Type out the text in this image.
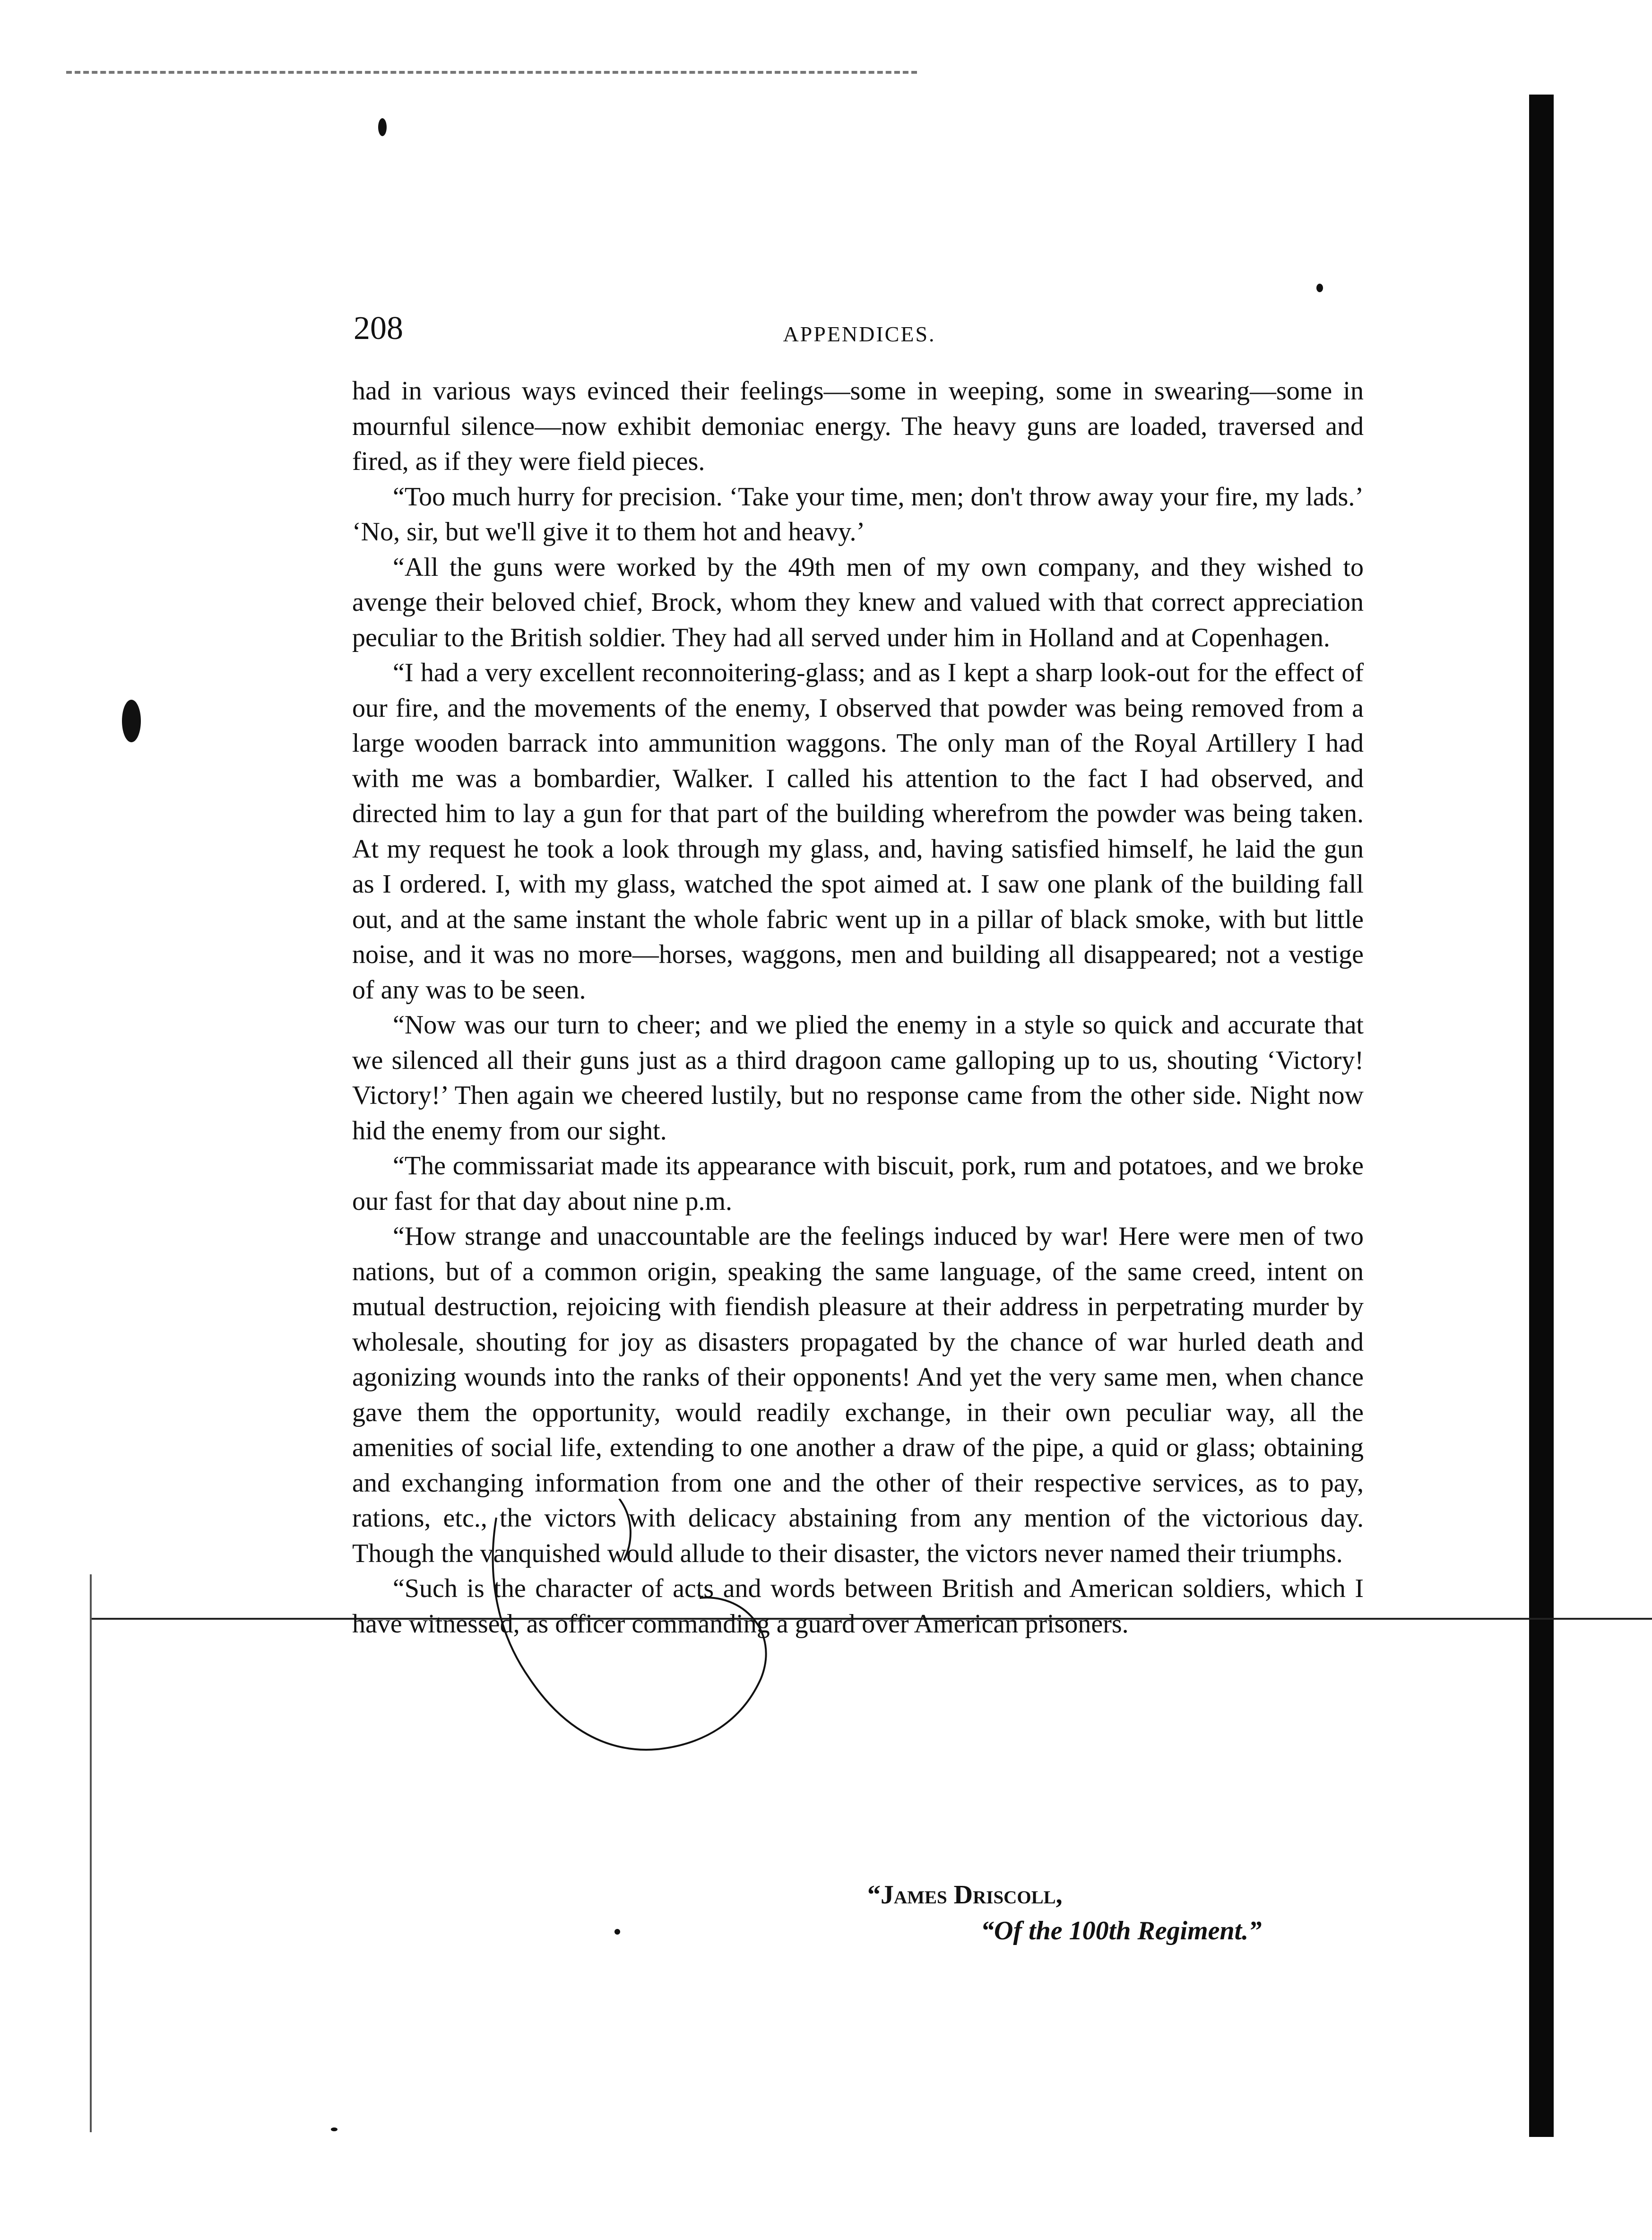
208	APPENDICES.

had in various ways evinced their feelings—some in weeping, some in swearing—some in mournful silence—now exhibit demoniac energy. The heavy guns are loaded, traversed and fired, as if they were field pieces.

“Too much hurry for precision. ‘Take your time, men; don't throw away your fire, my lads.’ ‘No, sir, but we'll give it to them hot and heavy.’

“All the guns were worked by the 49th men of my own company, and they wished to avenge their beloved chief, Brock, whom they knew and valued with that correct appreciation peculiar to the British soldier. They had all served under him in Holland and at Copenhagen.

“I had a very excellent reconnoitering-glass; and as I kept a sharp look-out for the effect of our fire, and the movements of the enemy, I observed that powder was being removed from a large wooden barrack into ammunition waggons. The only man of the Royal Artillery I had with me was a bombardier, Walker. I called his attention to the fact I had observed, and directed him to lay a gun for that part of the building wherefrom the powder was being taken. At my request he took a look through my glass, and, having satisfied himself, he laid the gun as I ordered. I, with my glass, watched the spot aimed at. I saw one plank of the building fall out, and at the same instant the whole fabric went up in a pillar of black smoke, with but little noise, and it was no more—horses, waggons, men and building all disappeared; not a vestige of any was to be seen.

“Now was our turn to cheer; and we plied the enemy in a style so quick and accurate that we silenced all their guns just as a third dragoon came galloping up to us, shouting ‘Victory! Victory!’ Then again we cheered lustily, but no response came from the other side. Night now hid the enemy from our sight.

“The commissariat made its appearance with biscuit, pork, rum and potatoes, and we broke our fast for that day about nine p.m.

“How strange and unaccountable are the feelings induced by war! Here were men of two nations, but of a common origin, speaking the same language, of the same creed, intent on mutual destruction, rejoicing with fiendish pleasure at their address in perpetrating murder by wholesale, shouting for joy as disasters propagated by the chance of war hurled death and agonizing wounds into the ranks of their opponents! And yet the very same men, when chance gave them the opportunity, would readily exchange, in their own peculiar way, all the amenities of social life, extending to one another a draw of the pipe, a quid or glass; obtaining and exchanging information from one and the other of their respective services, as to pay, rations, etc., the victors with delicacy abstaining from any mention of the victorious day. Though the vanquished would allude to their disaster, the victors never named their triumphs.

“Such is the character of acts and words between British and American soldiers, which I have witnessed, as officer commanding a guard over American prisoners.

“James Driscoll,
“Of the 100th Regiment.”
